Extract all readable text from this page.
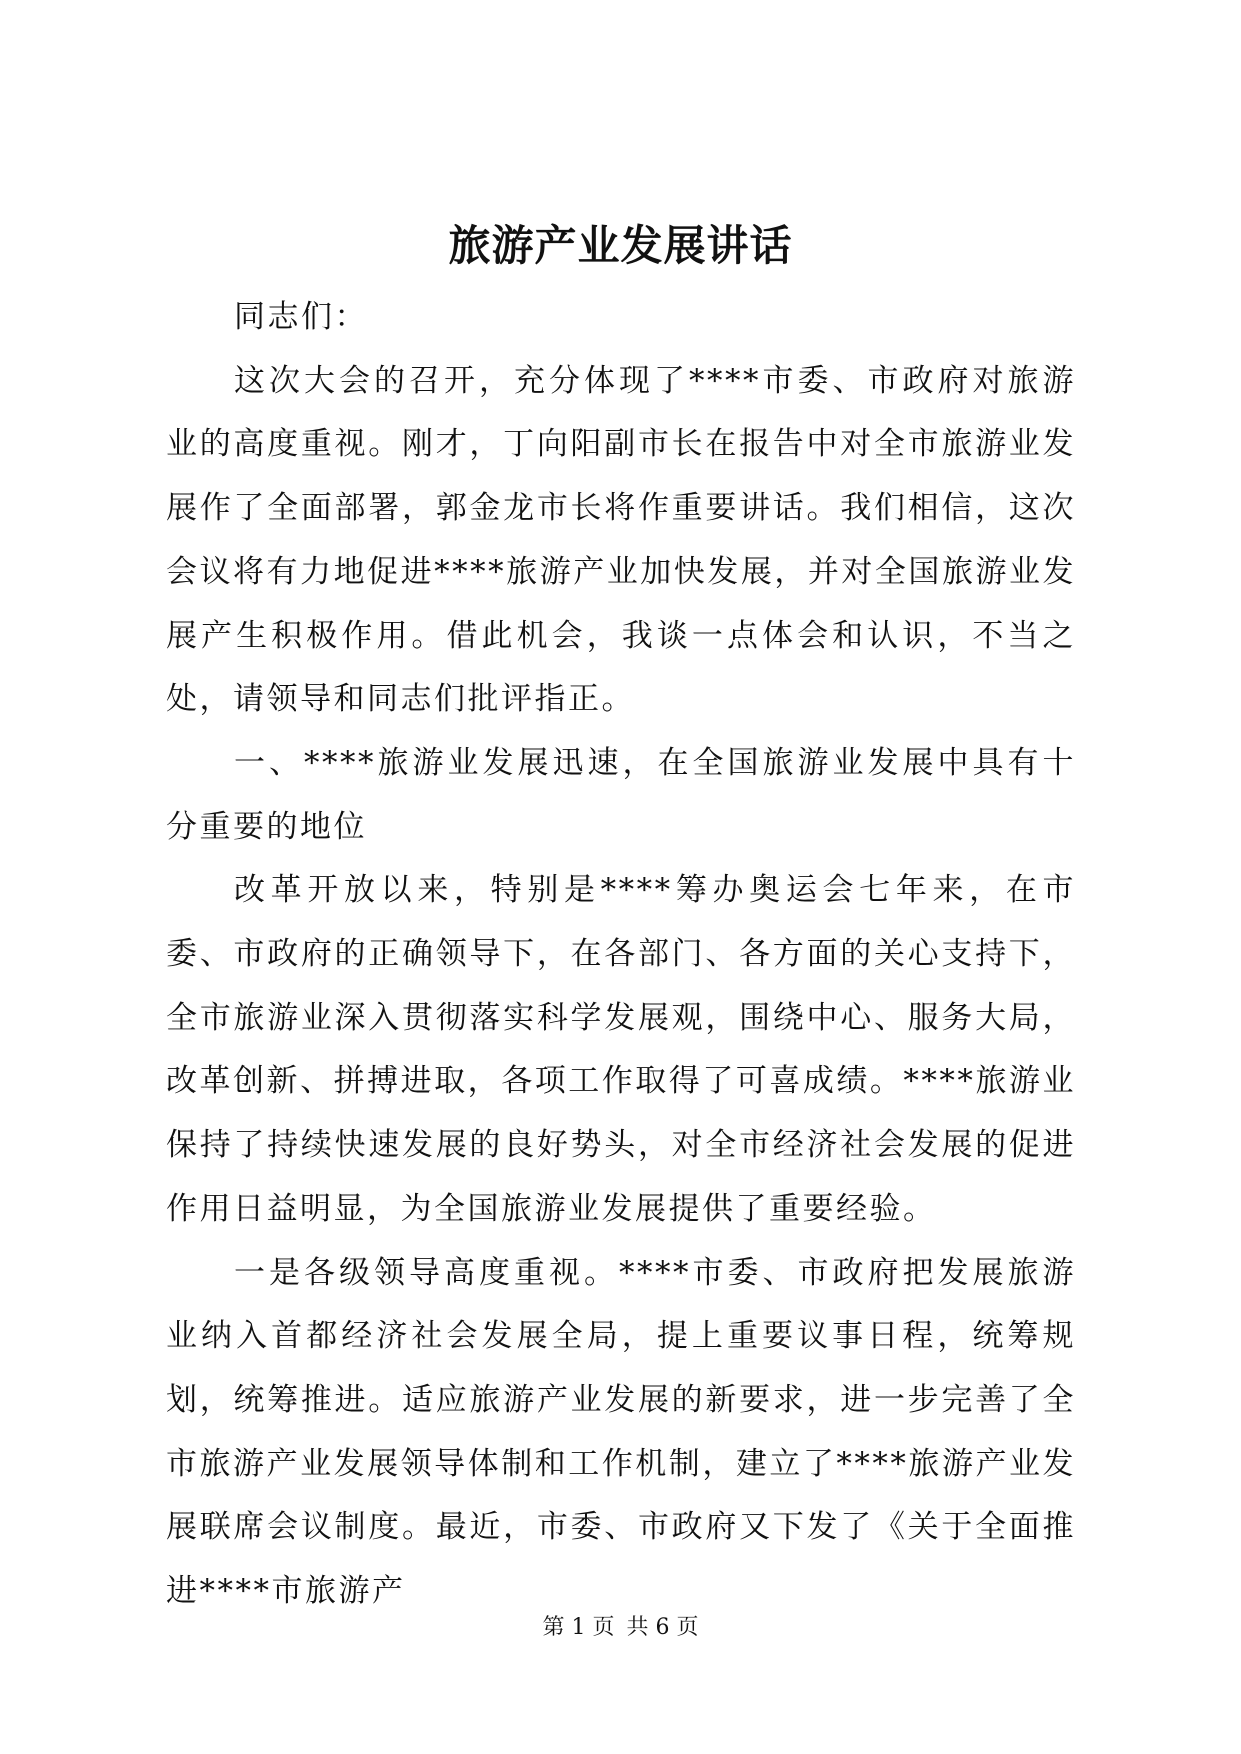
旅游产业发展讲话

同志们：

这次大会的召开，充分体现了****市委、市政府对旅游业的高度重视。刚才，丁向阳副市长在报告中对全市旅游业发展作了全面部署，郭金龙市长将作重要讲话。我们相信，这次会议将有力地促进****旅游产业加快发展，并对全国旅游业发展产生积极作用。借此机会，我谈一点体会和认识，不当之处，请领导和同志们批评指正。

一、****旅游业发展迅速，在全国旅游业发展中具有十分重要的地位

改革开放以来，特别是****筹办奥运会七年来，在市委、市政府的正确领导下，在各部门、各方面的关心支持下，全市旅游业深入贯彻落实科学发展观，围绕中心、服务大局，改革创新、拼搏进取，各项工作取得了可喜成绩。****旅游业保持了持续快速发展的良好势头，对全市经济社会发展的促进作用日益明显，为全国旅游业发展提供了重要经验。

一是各级领导高度重视。****市委、市政府把发展旅游业纳入首都经济社会发展全局，提上重要议事日程，统筹规划，统筹推进。适应旅游产业发展的新要求，进一步完善了全市旅游产业发展领导体制和工作机制，建立了****旅游产业发展联席会议制度。最近，市委、市政府又下发了《关于全面推进****市旅游产

第 1 页 共 6 页
